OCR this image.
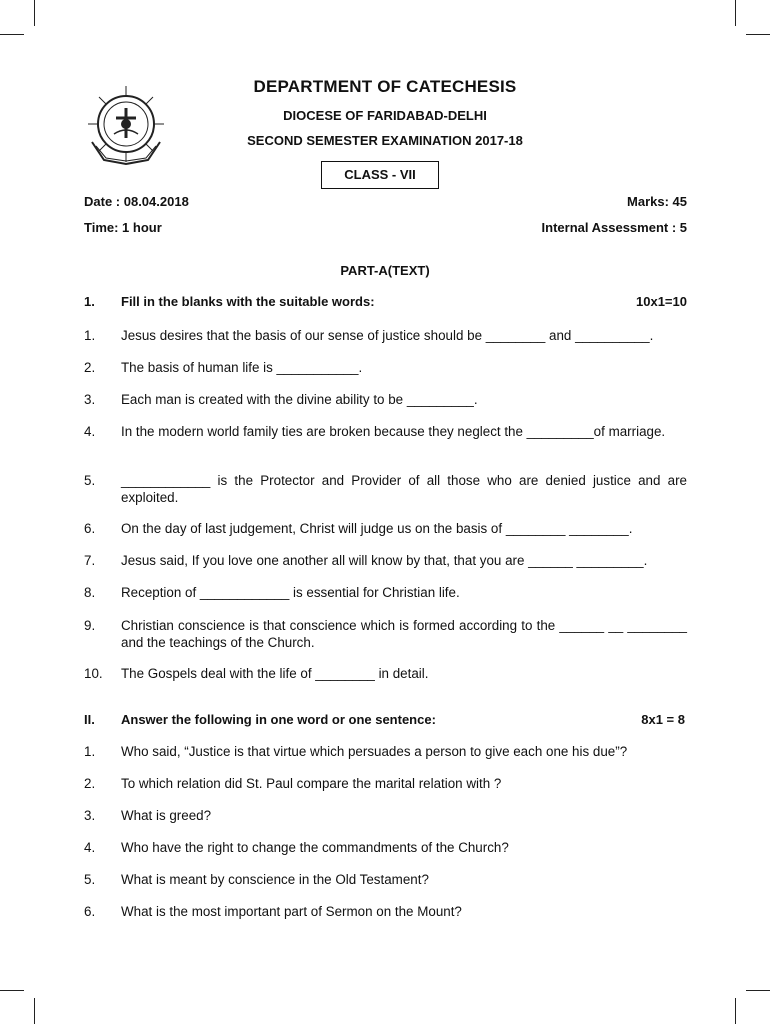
DEPARTMENT OF CATECHESIS
DIOCESE OF FARIDABAD-DELHI
SECOND SEMESTER EXAMINATION 2017-18
CLASS - VII
Date : 08.04.2018	Marks: 45
Time: 1 hour	Internal Assessment : 5
PART-A(TEXT)
1. Fill in the blanks with the suitable words:	10x1=10
1. Jesus desires that the basis of our sense of justice should be ________ and __________.
2. The basis of human life is ___________.
3. Each man is created with the divine ability to be _________.
4. In the modern world family ties are broken because they neglect the _________of marriage.
5. ____________ is the Protector and Provider of all those who are denied justice and are exploited.
6. On the day of last judgement, Christ will judge us on the basis of ________ ________.
7. Jesus said, If you love one another all will know by that, that you are ______ _________.
8. Reception of ____________ is essential for Christian life.
9. Christian conscience is that conscience which is formed according to the ______ __ ________ and the teachings of the Church.
10. The Gospels deal with the life of ________ in detail.
II. Answer the following in one word or one sentence:	8x1 = 8
1. Who said, “Justice is that virtue which persuades a person to give each one his due”?
2. To which relation did St. Paul compare the marital relation with ?
3. What is greed?
4. Who have the right to change the commandments of the Church?
5. What is meant by conscience in the Old Testament?
6. What is the most important part of Sermon on the Mount?
